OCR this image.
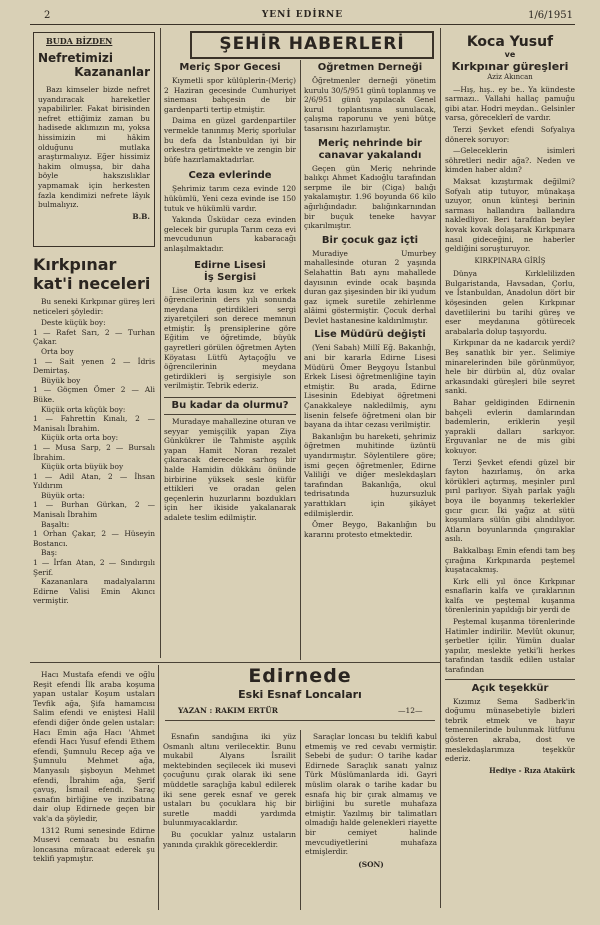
2	YENİ EDİRNE	1/6/1951
BUDA BİZDEN
Nefretimizi
Kazananlar

Bazı kimseler bizde nefret uyandıracak hareketler yapabilirler. Fakat birisinden nefret ettiğimiz zaman bu hadisede aklımızın mı, yoksa hissimizin mi hâkim olduğunu mutlaka araştırmalıyız. Eğer hissimiz hakim olmuşsa, bir daha böyle hakszıslıklar yapmamak için herkesten fazla kendimizi nefrete lâyık bulmalıyız.

B.B.
Kırkpınar
kat'i neceleri

Bu seneki Kırkpınar güreş leri neticeleri şöyledir:

Deste küçük boy:
1 — Rafet Sarı, 2 — Turhan Çakar.
Orta boy
1 — Sait yenen 2 — İdris Demirtaş.
Büyük boy
1 — Göçmen Ömer 2 — Ali Büke.
Küçük orta küçük boy:
1 — Fahrettin Kınalı, 2 — Manisalı İbrahim.
Küçük orta orta boy:
1 — Musa Sarp, 2 — Bursalı İbrahim.
Küçük orta büyük boy
1 — Adil Atan, 2 — İhsan Yıldırım
Büyük orta:
1 — Burhan Gürkan, 2 — Manisalı İbrahim
Başaltı:
1 Orhan Çakar, 2 — Hüseyin Bostancı.
Baş:
1 — İrfan Atan, 2 — Sındırgılı Şerif.
Kazananlara madalyalarını Edirne Valisi Emin Akıncı vermiştir.
ŞEHİR HABERLERİ
Meriç Spor Gecesi

Kıymetli spor külüplerin-(Meriç) 2 Haziran gecesinde Cumhuriyet sineması bahçesin de bir gardenparti tertip etmiştir.

Daima en güzel gardenpartiler vermekle tanınmış Meriç sporlular bu defa da İstanbuldan iyi bir orkestra getirtmekte ve zengin bir büfe hazırlamaktadırlar.

Ceza evlerinde

Şehrimiz tarım ceza evinde 120 hükümlü, Yeni ceza evinde ise 150 tutuk ve hükümlü vardır.

Yakında Üsküdar ceza evinden gelecek bir gurupla Tarım ceza evi mevcudunun kabaracağı anlaşılmaktadır.

Edirne Lisesi
İş Sergisi

Lise Orta kısım kız ve erkek öğrencilerinin ders yılı sonunda meydana getirdikleri sergi ziyaretçileri son derece memnun etmiştir. İş prensiplerine göre Eğitim ve öğretimde, büyük gayretleri görülen öğretmen Ayten Köyatası Lütfü Aytaçoğlu ve öğrencilerinin meydana getirdikleri iş sergisiyle son verilmiştir. Tebrik ederiz.

Bu kadar da olurmu?

Muradaye mahallezine oturan ve seyyar yemişçilik yapan Ziya Günkükrer ile Tahmiste aşçılık yapan Hamit Noran rezalet çıkaracak derecede sarhoş bir halde Hamidin dükkânı önünde birbirine yüksek sesle küfür ettikleri ve oradan gelen geçenlerin huzurlarını bozdukları için her ikiside yakalanarak adalete teslim edilmiştir.

Öğretmen Derneği

Öğretmenler derneği yönetim kurulu 30/5/951 günü toplanmış ve 2/6/951 günü yapılacak Genel kurul toplantısına sunulacak, çalışma raporunu ve yeni bütçe tasarısını hazırlamıştır.

Meriç nehrinde bir
canavar yakalandı

Geçen gün Meriç nehrinde balıkçı Ahmet Kadıoğlu tarafından serpme ile bir (Ciga) balığı yakalamıştır. 1.96 boyunda 66 kilo ağırlığındadır. balığınkarnından bir buçuk teneke havyar çıkarılmıştır.

Bir çocuk gaz içti

Muradiye Umurbey mahallesinde oturan 2 yaşında Selahattin Batı aynı mahallede dayısının evinde ocak başında duran gaz şişesinden bir iki yudum gaz içmek suretile zehirlenme alâimi göstermiştir. Çocuk derhal Devlet hastanesine kaldırılmıştır.

Lise Müdürü değişti

(Yeni Sabah) Millî Eğ. Bakanlığı, ani bir kararla Edirne Lisesi Müdürü Ömer Beygoyu İstanbul Erkek Lisesi öğretmenliğine tayin etmiştir. Bu arada, Edirne Lisesinin Edebiyat öğretmeni Çanakkaleye nakledilmiş, aynı lisenin felsefe öğretmeni olan bir bayana da ihtar cezası verilmiştir.

Bakanlığın bu hareketi, şehrimiz öğretmen muhitinde üzüntü uyandırmıştır. Söylentilere göre; ismi geçen öğretmenler, Edirne Valiliği ve diğer meslekdaşları tarafından Bakanlığa, okul tedrisatında huzursuzluk yarattıkları için şikâyet edilmişlerdir.

Ömer Beygo, Bakanlığın bu kararını protesto etmektedir.

Koca Yusuf
ve
Kırkpınar güreşleri
Aziz Akıncan

—Hış, hış.. ey be.. Ya kündeste sarmazı.. Vallahi hallaç pamuğu gibi atar. Hodri meydan.. Gelsinler varsa, göreceklerî de vardır.

Terzi Şevket efendi Sofyalıya dönerek soruyor:

—Geleceklerin isimleri söhretleri nedir ağa?. Neden ve kimden haber aldın?

Maksat kızıştırmak değilmi? Sofyalı atip tutuyor, münakaşa uzuyor, onun künteşi berinin sarması hallandıra ballandıra nakledliyor. Beri tarafdan beyler kovak kovak dolaşarak Kırkpınara nasıl gideceğini, ne haberler geldiğini soruşturuyor.

KIRKPINARA GİRİŞ

Dünya Kırklelilizden Bulgaristanda, Havsadan, Çorlu, ve İstanbuldan, Anadolun dört bir köşesinden gelen Kırkpınar davetlilerini bu tarihi güreş ve eser meydanına götürecek arabalarla dolup taşıyordu.

Kırkpınar da ne kadarcık yerdi? Beş sanatlık bir yer.. Selimiye minarelerinden bile görünmüyor, hele bir dürbün al, düz ovalar arkasındaki güreşleri bile seyret sanki.

Bahar geldiginden Edirnenin bahçeli evlerin damlarından bademlerin, eriklerin yeşil yaprakli dalları sarkıyor. Erguvanlar ne de mis gibi kokuyor.

Terzi Şevket efendi güzel bir fayton hazırlamış, ön arka körükleri açtırmış, meşinler pırıl pırıl parlıyor. Siyah parlak yağlı boya ile boyanmış tekerlekler gıcır gıcır. İki yağız at sütü koşumlara sülün gibi alındılıyor. Atların boyunlarında çıngıraklar asılı.

Bakkalbaşı Emin efendi tam beş çırağına Kırkpınarda peştemel kuşatacakmış.

Kırk elli yıl önce Kırkpınar esnaflarin kalfa ve çıraklarının kalfa ve peştemal kuşanma törenlerinin yapıldığı bir yerdi de

Peştemal kuşanma törenlerinde Hatimler indirilir. Mevlût okunur, şerbetler içilir. Yümün dualar yapılır, meslekte yetki'li herkes tarafından tasdik edilen ustalar tarafından

Açık teşekkür

Kızımız Sema Sadberk'in doğumu münasebetiyle bizleri tebrik etmek ve hayır temennilerinde bulunmak lütfunu gösteren akraba, dost ve meslekdaşlarımıza teşekkür ederiz.

Hediye - Rıza Atakürk

Hacı Mustafa efendi ve oğlu Reşit efendi İlk araba koşuma yapan ustalar Koşum ustaları Tevfik ağa, Şifa hamamcısı Salim efendi ve eniştesi Halil efendi diğer önde gelen ustalar: Hacı Emin ağa Hacı 'Ahmet efendi Hacı Yusuf efendi Ethem efendi, Şumnulu Recep ağa ve Şumnulu Mehmet ağa, Manyasılı şişboyun Mehmet efendi, İbrahim ağa, Şerif çavuş, İsmail efendi. Saraç esnafın birliğine ve inzibatına dair olup Edirnede geçen bir vak'a da şöyledir,

1312 Rumi senesinde Edirne Musevi cemaatı bu esnafın loncasına müracaat ederek şu teklifi yapmıştır.

Edirnede
Eski Esnaf Loncaları
YAZAN : RAKIM ERTÜR	—12—

Esnafın sandığına iki yüz Osmanlı altını verilecektir. Bunu mukabil Alyans İsrailit mektebinden seçilecek iki musevi çocuğunu çırak olarak iki sene müddetle saraçlığa kabul edilerek iki sene gerek esnaf ve gerek ustaları bu çocuklara hiç bir suretle maddi yardımda bulunmıyacaklardır.

Bu çocuklar yalnız ustaların yanında çıraklık göreceklerdir.

Saraçlar loncası bu teklifi kabul etmemiş ve red cevabı vermiştir. Sebebi de şudur: O tarihe kadar Edirnede Saraçlık sanatı yalnız Türk Müslümanlarda idi. Gayri müslim olarak o tarihe kadar bu esnafa hiç bir çırak almamış ve birliğini bu suretle muhafaza etmiştir. Yazılmış bir talimatları olmadığı halde gelenekleri riayette bir cemiyet halinde mevcudiyetlerini muhafaza etmişlerdir.

(SON)
